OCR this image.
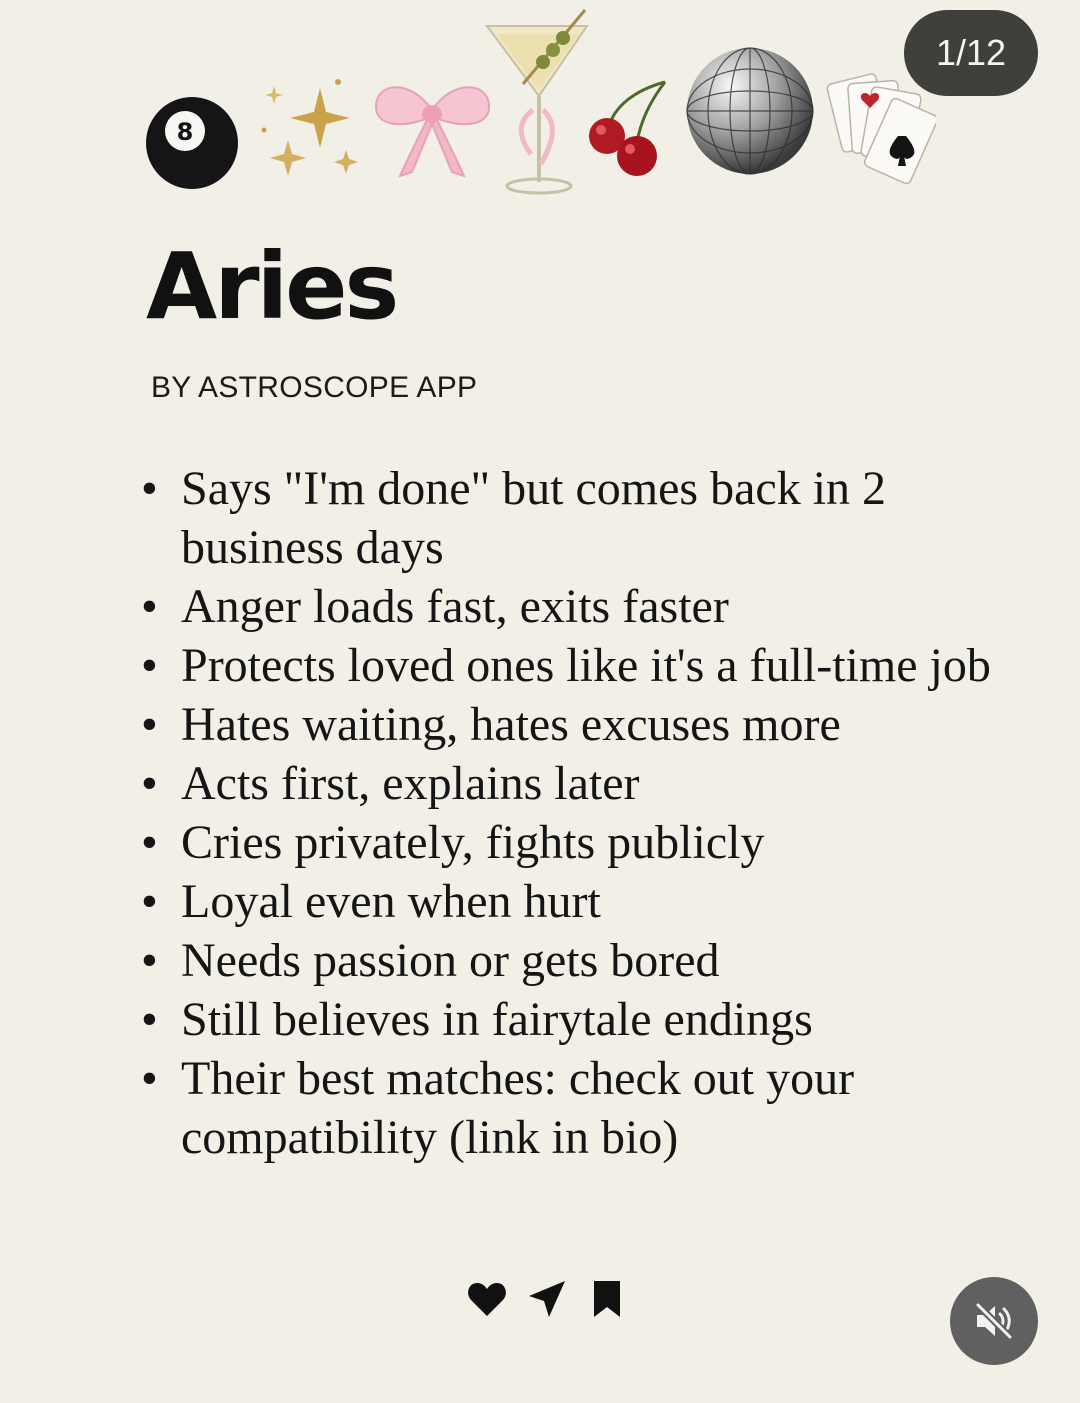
1/12
8
Aries
BY ASTROSCOPE APP
• Says "I'm done" but comes back in 2 business days
• Anger loads fast, exits faster
• Protects loved ones like it's a full-time job
• Hates waiting, hates excuses more
• Acts first, explains later
• Cries privately, fights publicly
• Loyal even when hurt
• Needs passion or gets bored
• Still believes in fairytale endings
• Their best matches: check out your compatibility (link in bio)
